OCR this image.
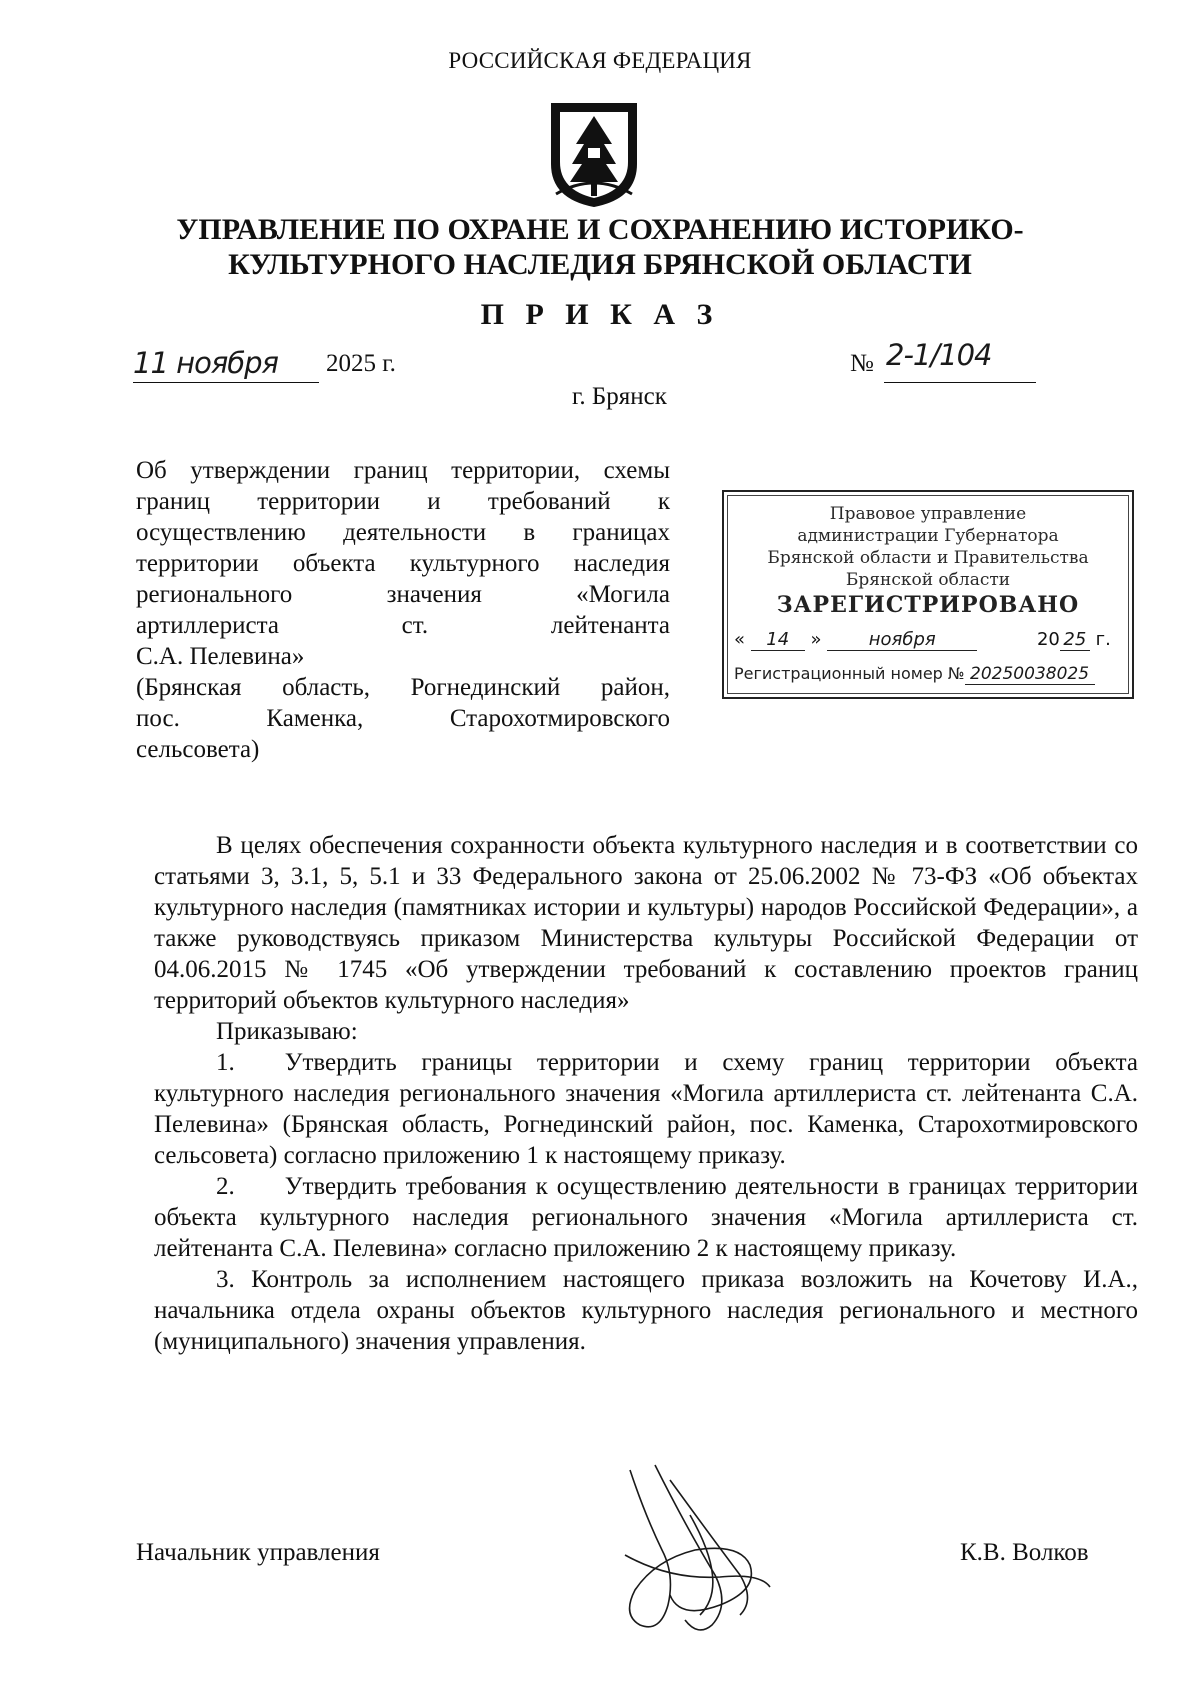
РОССИЙСКАЯ ФЕДЕРАЦИЯ
УПРАВЛЕНИЕ ПО ОХРАНЕ И СОХРАНЕНИЮ ИСТОРИКО-
КУЛЬТУРНОГО НАСЛЕДИЯ БРЯНСКОЙ ОБЛАСТИ
П Р И К А З
11 ноября 2025 г.	№ 2-1/104
г. Брянск
Об утверждении границ территории, схемы
границ территории и требований к
осуществлению деятельности в границах
территории объекта культурного наследия
регионального значения «Могила
артиллериста ст. лейтенанта
С.А. Пелевина»
(Брянская область, Рогнединский район,
пос. Каменка, Старохотмировского
сельсовета)
Правовое управление
администрации Губернатора
Брянской области и Правительства
Брянской области
ЗАРЕГИСТРИРОВАНО
« 14 »	ноября	20 25 г.
Регистрационный номер № 20250038025

В целях обеспечения сохранности объекта культурного наследия и в соответствии со статьями 3, 3.1, 5, 5.1 и 33 Федерального закона от 25.06.2002 № 73-ФЗ «Об объектах культурного наследия (памятниках истории и культуры) народов Российской Федерации», а также руководствуясь приказом Министерства культуры Российской Федерации от 04.06.2015 № 1745 «Об утверждении требований к составлению проектов границ территорий объектов культурного наследия»

Приказываю:

1.  Утвердить границы территории и схему границ территории объекта культурного наследия регионального значения «Могила артиллериста ст. лейтенанта С.А. Пелевина» (Брянская область, Рогнединский район, пос. Каменка, Старохотмировского сельсовета) согласно приложению 1 к настоящему приказу.

2.  Утвердить требования к осуществлению деятельности в границах территории объекта культурного наследия регионального значения «Могила артиллериста ст. лейтенанта С.А. Пелевина» согласно приложению 2 к настоящему приказу.

3. Контроль за исполнением настоящего приказа возложить на Кочетову И.А., начальника отдела охраны объектов культурного наследия регионального и местного (муниципального) значения управления.

Начальник управления	К.В. Волков
